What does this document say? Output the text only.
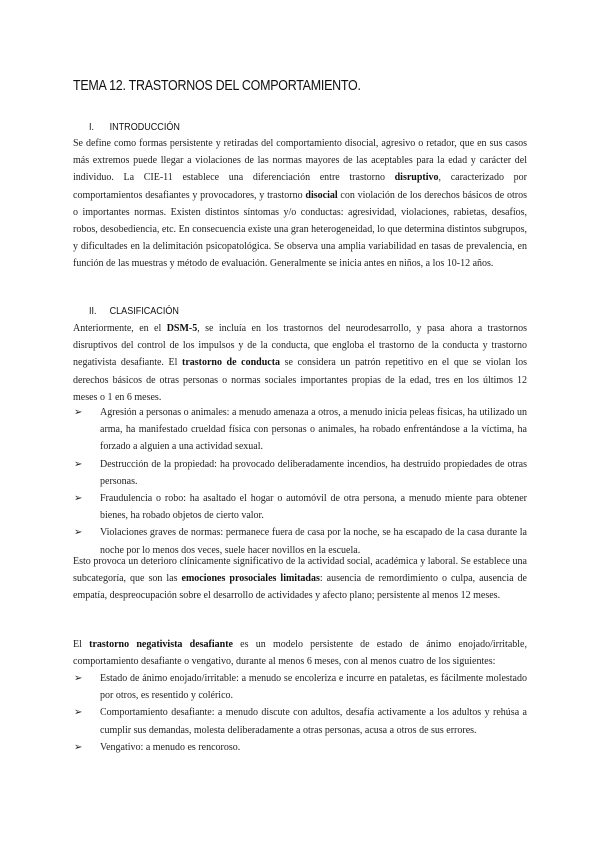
TEMA 12. TRASTORNOS DEL COMPORTAMIENTO.
I. INTRODUCCIÓN
Se define como formas persistente y retiradas del comportamiento disocial, agresivo o retador, que en sus casos más extremos puede llegar a violaciones de las normas mayores de las aceptables para la edad y carácter del individuo. La CIE-11 establece una diferenciación entre trastorno disruptivo, caracterizado por comportamientos desafiantes y provocadores, y trastorno disocial con violación de los derechos básicos de otros o importantes normas. Existen distintos síntomas y/o conductas: agresividad, violaciones, rabietas, desafíos, robos, desobediencia, etc. En consecuencia existe una gran heterogeneidad, lo que determina distintos subgrupos, y dificultades en la delimitación psicopatológica. Se observa una amplia variabilidad en tasas de prevalencia, en función de las muestras y método de evaluación. Generalmente se inicia antes en niños, a los 10-12 años.
II. CLASIFICACIÓN
Anteriormente, en el DSM-5, se incluía en los trastornos del neurodesarrollo, y pasa ahora a trastornos disruptivos del control de los impulsos y de la conducta, que engloba el trastorno de la conducta y trastorno negativista desafiante. El trastorno de conducta se considera un patrón repetitivo en el que se violan los derechos básicos de otras personas o normas sociales importantes propias de la edad, tres en los últimos 12 meses o 1 en 6 meses.
➢ Agresión a personas o animales: a menudo amenaza a otros, a menudo inicia peleas físicas, ha utilizado un arma, ha manifestado crueldad física con personas o animales, ha robado enfrentándose a la víctima, ha forzado a alguien a una actividad sexual.
➢ Destrucción de la propiedad: ha provocado deliberadamente incendios, ha destruido propiedades de otras personas.
➢ Fraudulencia o robo: ha asaltado el hogar o automóvil de otra persona, a menudo miente para obtener bienes, ha robado objetos de cierto valor.
➢ Violaciones graves de normas: permanece fuera de casa por la noche, se ha escapado de la casa durante la noche por lo menos dos veces, suele hacer novillos en la escuela.
Esto provoca un deterioro clínicamente significativo de la actividad social, académica y laboral. Se establece una subcategoría, que son las emociones prosociales limitadas: ausencia de remordimiento o culpa, ausencia de empatía, despreocupación sobre el desarrollo de actividades y afecto plano; persistente al menos 12 meses.
El trastorno negativista desafiante es un modelo persistente de estado de ánimo enojado/irritable, comportamiento desafiante o vengativo, durante al menos 6 meses, con al menos cuatro de los siguientes:
➢ Estado de ánimo enojado/irritable: a menudo se encoleriza e incurre en pataletas, es fácilmente molestado por otros, es resentido y colérico.
➢ Comportamiento desafiante: a menudo discute con adultos, desafía activamente a los adultos y rehúsa a cumplir sus demandas, molesta deliberadamente a otras personas, acusa a otros de sus errores.
➢ Vengativo: a menudo es rencoroso.
